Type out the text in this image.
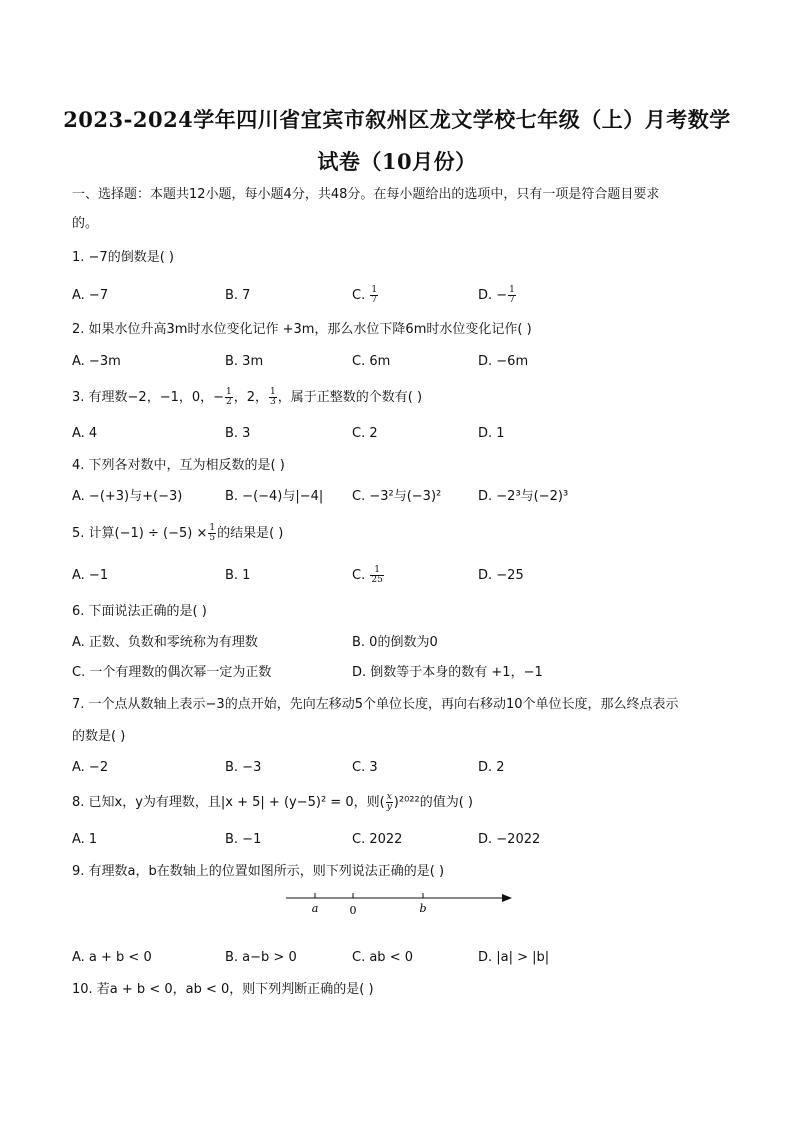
2023-2024学年四川省宜宾市叙州区龙文学校七年级（上）月考数学
试卷（10月份）
一、选择题：本题共12小题，每小题4分，共48分。在每小题给出的选项中，只有一项是符合题目要求
的。
1. −7的倒数是( )
A. −7	B. 7	C. $\frac{1}{7}$	D. − $\frac{1}{7}$
2. 如果水位升高3m时水位变化记作 +3m，那么水位下降6m时水位变化记作( )
A. −3m	B. 3m	C. 6m	D. −6m
3. 有理数−2，−1，0，− $\frac{1}{2}$ ，2， $\frac{1}{3}$ ，属于正整数的个数有( )
A. 4	B. 3	C. 2	D. 1
4. 下列各对数中，互为相反数的是( )
A. −(+3)与+(−3)	B. −(−4)与|−4| C. −3²与(−3)²	D. −2³与(−2)³
5. 计算$(-1) \div (-5) \times \frac{1}{5}$ 的结果是( )
A. −1	B. 1	C. $\frac{1}{25}$	D. −25
6. 下面说法正确的是( )
A. 正数、负数和零统称为有理数	B. 0的倒数为0
C. 一个有理数的偶次幂一定为正数	D. 倒数等于本身的数有 +1，−1
7. 一个点从数轴上表示−3的点开始，先向左移动5个单位长度，再向右移动10个单位长度，那么终点表示
的数是( )
A. −2	B. −3	C. 3	D. 2
8. 已知x，y为有理数，且|x + 5| + (y−5)² = 0，则( $\frac{x}{y} )^{2022}$的值为( )
A. 1	B. −1	C. 2022	D. −2022
9. 有理数a，b在数轴上的位置如图所示，则下列说法正确的是( )
a	0	b
A. a + b < 0	B. a−b > 0	C. ab < 0	D. |a| > |b|
10. 若a + b < 0，ab < 0，则下列判断正确的是( )
